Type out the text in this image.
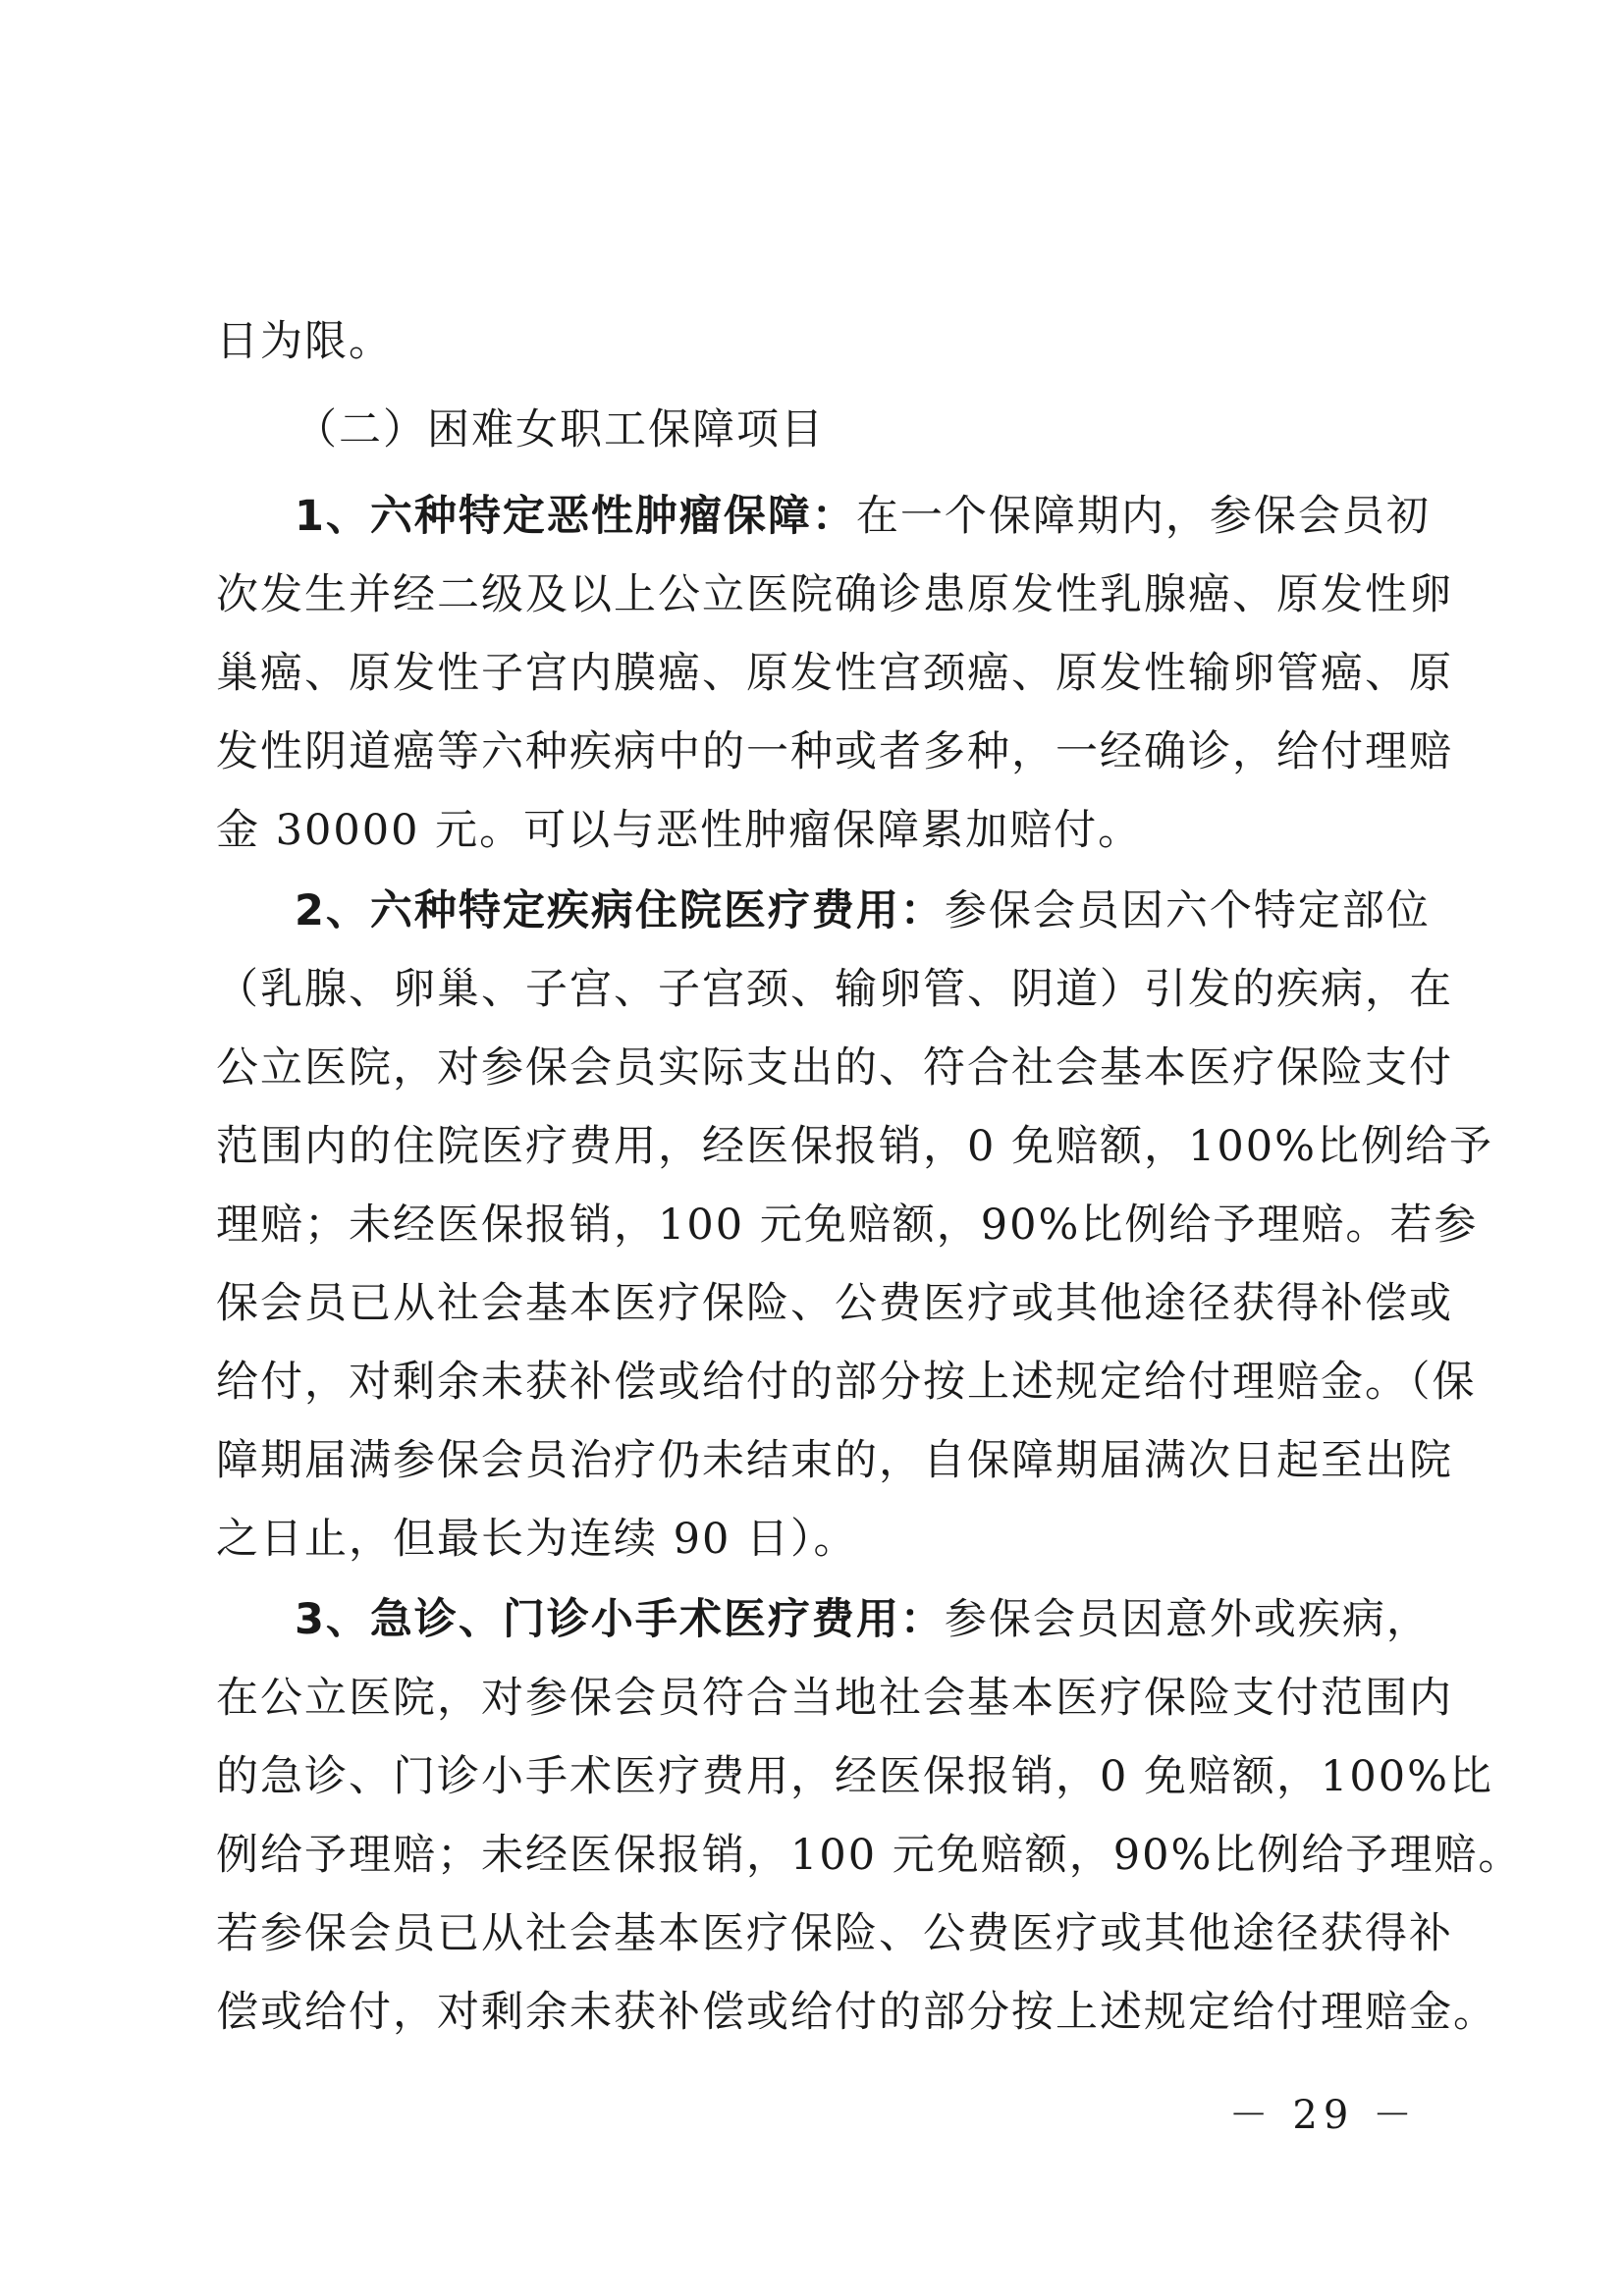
日为限。
（二）困难女职工保障项目
1、六种特定恶性肿瘤保障：在一个保障期内，参保会员初
次发生并经二级及以上公立医院确诊患原发性乳腺癌、原发性卵
巢癌、原发性子宫内膜癌、原发性宫颈癌、原发性输卵管癌、原
发性阴道癌等六种疾病中的一种或者多种，一经确诊，给付理赔
金 30000 元。可以与恶性肿瘤保障累加赔付。
2、六种特定疾病住院医疗费用：参保会员因六个特定部位
（乳腺、卵巢、子宫、子宫颈、输卵管、阴道）引发的疾病，在
公立医院，对参保会员实际支出的、符合社会基本医疗保险支付
范围内的住院医疗费用，经医保报销，0 免赔额，100%比例给予
理赔；未经医保报销，100 元免赔额，90%比例给予理赔。若参
保会员已从社会基本医疗保险、公费医疗或其他途径获得补偿或
给付，对剩余未获补偿或给付的部分按上述规定给付理赔金。（保
障期届满参保会员治疗仍未结束的，自保障期届满次日起至出院
之日止，但最长为连续 90 日）。
3、急诊、门诊小手术医疗费用：参保会员因意外或疾病，
在公立医院，对参保会员符合当地社会基本医疗保险支付范围内
的急诊、门诊小手术医疗费用，经医保报销，0 免赔额，100%比
例给予理赔；未经医保报销，100 元免赔额，90%比例给予理赔。
若参保会员已从社会基本医疗保险、公费医疗或其他途径获得补
偿或给付，对剩余未获补偿或给付的部分按上述规定给付理赔金。
－ 29 －
